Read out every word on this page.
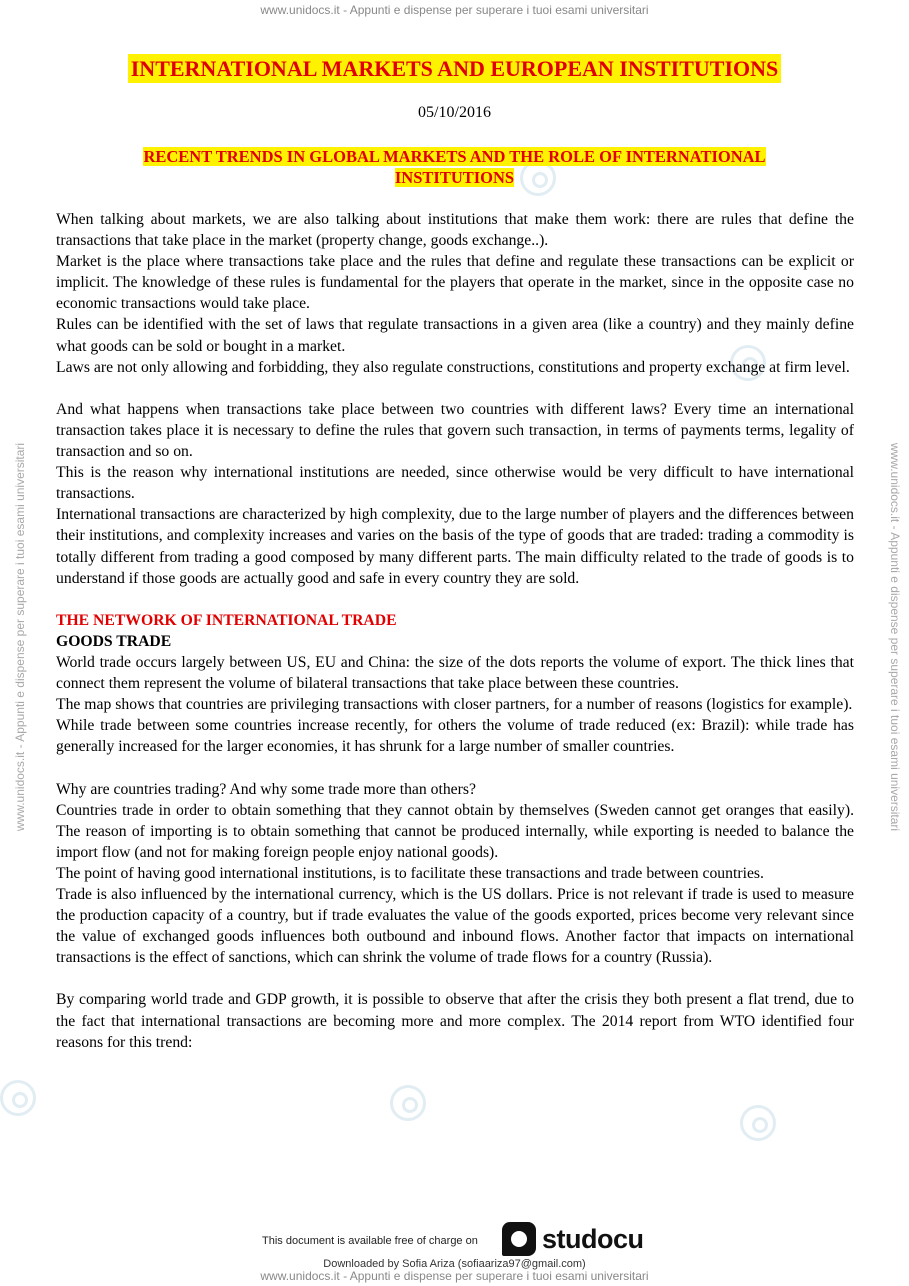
www.unidocs.it - Appunti e dispense per superare i tuoi esami universitari
www.unidocs.it - Appunti e dispense per superare i tuoi esami universitari	www.unidocs.it - Appunti e dispense per superare i tuoi esami universitari
INTERNATIONAL MARKETS AND EUROPEAN INSTITUTIONS
05/10/2016
RECENT TRENDS IN GLOBAL MARKETS AND THE ROLE OF INTERNATIONAL INSTITUTIONS

When talking about markets, we are also talking about institutions that make them work: there are rules that define the transactions that take place in the market (property change, goods exchange..).

Market is the place where transactions take place and the rules that define and regulate these transactions can be explicit or implicit. The knowledge of these rules is fundamental for the players that operate in the market, since in the opposite case no economic transactions would take place.

Rules can be identified with the set of laws that regulate transactions in a given area (like a country) and they mainly define what goods can be sold or bought in a market.

Laws are not only allowing and forbidding, they also regulate constructions, constitutions and property exchange at firm level.

And what happens when transactions take place between two countries with different laws? Every time an international transaction takes place it is necessary to define the rules that govern such transaction, in terms of payments terms, legality of transaction and so on.

This is the reason why international institutions are needed, since otherwise would be very difficult to have international transactions.

International transactions are characterized by high complexity, due to the large number of players and the differences between their institutions, and complexity increases and varies on the basis of the type of goods that are traded: trading a commodity is totally different from trading a good composed by many different parts. The main difficulty related to the trade of goods is to understand if those goods are actually good and safe in every country they are sold.

THE NETWORK OF INTERNATIONAL TRADE

GOODS TRADE

World trade occurs largely between US, EU and China: the size of the dots reports the volume of export. The thick lines that connect them represent the volume of bilateral transactions that take place between these countries.

The map shows that countries are privileging transactions with closer partners, for a number of reasons (logistics for example).

While trade between some countries increase recently, for others the volume of trade reduced (ex: Brazil): while trade has generally increased for the larger economies, it has shrunk for a large number of smaller countries.

Why are countries trading? And why some trade more than others?

Countries trade in order to obtain something that they cannot obtain by themselves (Sweden cannot get oranges that easily). The reason of importing is to obtain something that cannot be produced internally, while exporting is needed to balance the import flow (and not for making foreign people enjoy national goods).

The point of having good international institutions, is to facilitate these transactions and trade between countries.

Trade is also influenced by the international currency, which is the US dollars. Price is not relevant if trade is used to measure the production capacity of a country, but if trade evaluates the value of the goods exported, prices become very relevant since the value of exchanged goods influences both outbound and inbound flows. Another factor that impacts on international transactions is the effect of sanctions, which can shrink the volume of trade flows for a country (Russia).

By comparing world trade and GDP growth, it is possible to observe that after the crisis they both present a flat trend, due to the fact that international transactions are becoming more and more complex. The 2014 report from WTO identified four reasons for this trend:

This document is available free of charge on studocu
Downloaded by Sofia Ariza (sofiaariza97@gmail.com)
www.unidocs.it - Appunti e dispense per superare i tuoi esami universitari
